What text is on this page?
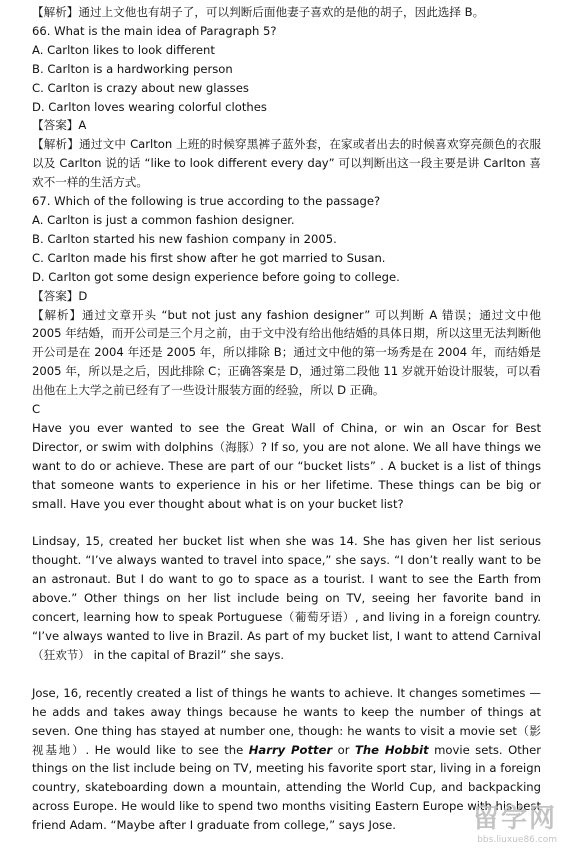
【解析】通过上文他也有胡子了，可以判断后面他妻子喜欢的是他的胡子，因此选择 B。
66. What is the main idea of Paragraph 5?
A. Carlton likes to look different
B. Carlton is a hardworking person
C. Carlton is crazy about new glasses
D. Carlton loves wearing colorful clothes
【答案】A
【解析】通过文中 Carlton 上班的时候穿黑裤子蓝外套，在家或者出去的时候喜欢穿亮颜色的衣服以及 Carlton 说的话 “like to look different every day” 可以判断出这一段主要是讲 Carlton 喜欢不一样的生活方式。
67. Which of the following is true according to the passage?
A. Carlton is just a common fashion designer.
B. Carlton started his new fashion company in 2005.
C. Carlton made his first show after he got married to Susan.
D. Carlton got some design experience before going to college.
【答案】D
【解析】通过文章开头 “but not just any fashion designer” 可以判断 A 错误；通过文中他 2005 年结婚，而开公司是三个月之前，由于文中没有给出他结婚的具体日期，所以这里无法判断他开公司是在 2004 年还是 2005 年，所以排除 B；通过文中他的第一场秀是在 2004 年，而结婚是 2005 年，所以是之后，因此排除 C；正确答案是 D，通过第二段他 11 岁就开始设计服装，可以看出他在上大学之前已经有了一些设计服装方面的经验，所以 D 正确。
C
Have you ever wanted to see the Great Wall of China, or win an Oscar for Best Director, or swim with dolphins（海豚）? If so, you are not alone. We all have things we want to do or achieve. These are part of our “bucket lists” . A bucket is a list of things that someone wants to experience in his or her lifetime. These things can be big or small. Have you ever thought about what is on your bucket list?
Lindsay, 15, created her bucket list when she was 14. She has given her list serious thought. “I’ve always wanted to travel into space,” she says. “I don’t really want to be an astronaut. But I do want to go to space as a tourist. I want to see the Earth from above.” Other things on her list include being on TV, seeing her favorite band in concert, learning how to speak Portuguese（葡萄牙语）, and living in a foreign country. “I’ve always wanted to live in Brazil. As part of my bucket list, I want to attend Carnival（狂欢节） in the capital of Brazil” she says.
Jose, 16, recently created a list of things he wants to achieve. It changes sometimes — he adds and takes away things because he wants to keep the number of things at seven. One thing has stayed at number one, though: he wants to visit a movie set（影视基地）. He would like to see the Harry Potter or The Hobbit movie sets. Other things on the list include being on TV, meeting his favorite sport star, living in a foreign country, skateboarding down a mountain, attending the World Cup, and backpacking across Europe. He would like to spend two months visiting Eastern Europe with his best friend Adam. “Maybe after I graduate from college,” says Jose.	留学网
bbs.liuxue86.com
